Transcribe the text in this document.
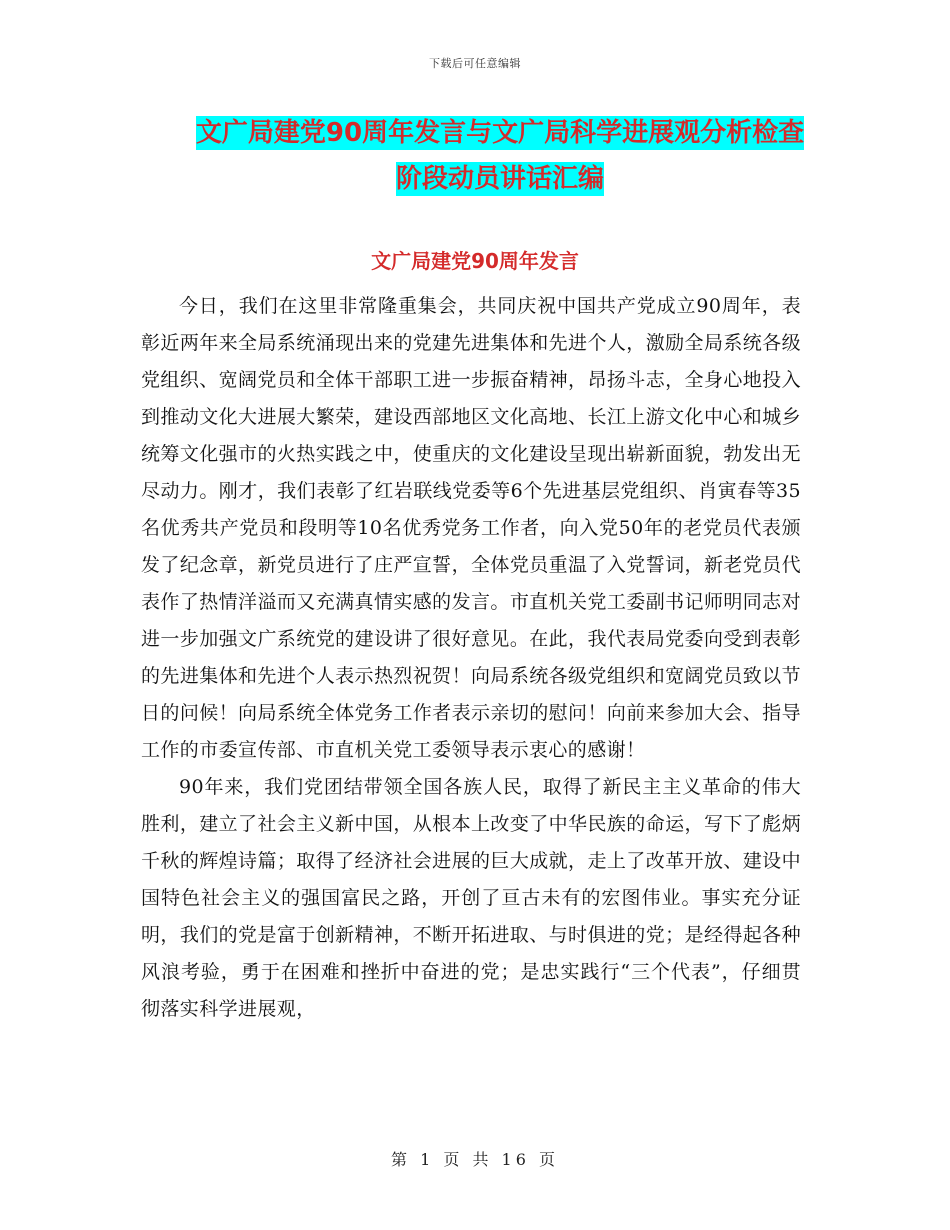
下载后可任意编辑
文广局建党90周年发言与文广局科学进展观分析检查
阶段动员讲话汇编
文广局建党90周年发言

今日，我们在这里非常隆重集会，共同庆祝中国共产党成立90周年，表彰近两年来全局系统涌现出来的党建先进集体和先进个人，激励全局系统各级党组织、宽阔党员和全体干部职工进一步振奋精神，昂扬斗志，全身心地投入到推动文化大进展大繁荣，建设西部地区文化高地、长江上游文化中心和城乡统筹文化强市的火热实践之中，使重庆的文化建设呈现出崭新面貌，勃发出无尽动力。刚才，我们表彰了红岩联线党委等6个先进基层党组织、肖寅春等35名优秀共产党员和段明等10名优秀党务工作者，向入党50年的老党员代表颁发了纪念章，新党员进行了庄严宣誓，全体党员重温了入党誓词，新老党员代表作了热情洋溢而又充满真情实感的发言。市直机关党工委副书记师明同志对进一步加强文广系统党的建设讲了很好意见。在此，我代表局党委向受到表彰的先进集体和先进个人表示热烈祝贺！向局系统各级党组织和宽阔党员致以节日的问候！向局系统全体党务工作者表示亲切的慰问！向前来参加大会、指导工作的市委宣传部、市直机关党工委领导表示衷心的感谢！

90年来，我们党团结带领全国各族人民，取得了新民主主义革命的伟大胜利，建立了社会主义新中国，从根本上改变了中华民族的命运，写下了彪炳千秋的辉煌诗篇；取得了经济社会进展的巨大成就，走上了改革开放、建设中国特色社会主义的强国富民之路，开创了亘古未有的宏图伟业。事实充分证明，我们的党是富于创新精神，不断开拓进取、与时俱进的党；是经得起各种风浪考验，勇于在困难和挫折中奋进的党；是忠实践行“三个代表”，仔细贯彻落实科学进展观，

第 1 页 共 16 页
